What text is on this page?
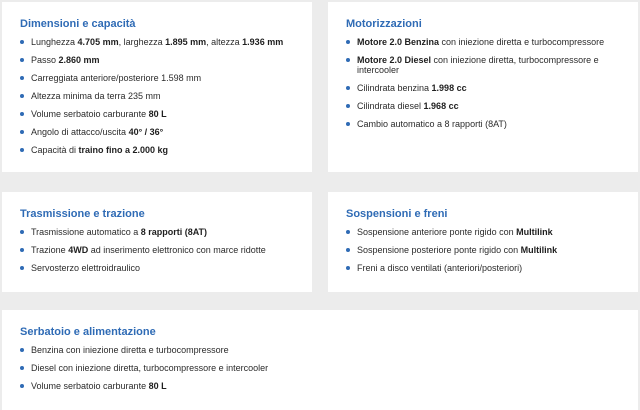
Dimensioni e capacità
Lunghezza 4.705 mm, larghezza 1.895 mm, altezza 1.936 mm
Passo 2.860 mm
Carreggiata anteriore/posteriore 1.598 mm
Altezza minima da terra 235 mm
Volume serbatoio carburante 80 L
Angolo di attacco/uscita 40° / 36°
Capacità di traino fino a 2.000 kg
Motorizzazioni
Motore 2.0 Benzina con iniezione diretta e turbocompressore
Motore 2.0 Diesel con iniezione diretta, turbocompressore e intercooler
Cilindrata benzina 1.998 cc
Cilindrata diesel 1.968 cc
Cambio automatico a 8 rapporti (8AT)
Trasmissione e trazione
Trasmissione automatico a 8 rapporti (8AT)
Trazione 4WD ad inserimento elettronico con marce ridotte
Servosterzo elettroidraulico
Sospensioni e freni
Sospensione anteriore ponte rigido con Multilink
Sospensione posteriore ponte rigido con Multilink
Freni a disco ventilati (anteriori/posteriori)
Serbatoio e alimentazione
Benzina con iniezione diretta e turbocompressore
Diesel con iniezione diretta, turbocompressore e intercooler
Volume serbatoio carburante 80 L
